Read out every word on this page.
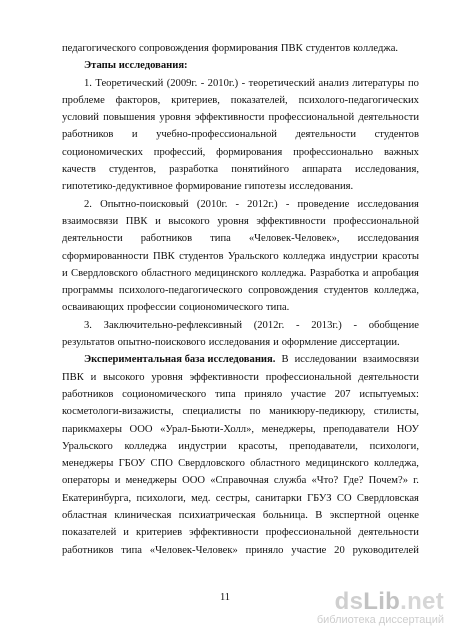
педагогического сопровождения формирования ПВК студентов колледжа.
Этапы исследования:
1. Теоретический (2009г. - 2010г.) - теоретический анализ литературы по
проблеме факторов, критериев, показателей, психолого-педагогических
условий повышения уровня эффективности профессиональной деятельности
работников и учебно-профессиональной деятельности студентов
социономических профессий, формирования профессионально важных
качеств студентов, разработка понятийного аппарата исследования,
гипотетико-дедуктивное формирование гипотезы исследования.
2. Опытно-поисковый (2010г. - 2012г.) - проведение исследования
взаимосвязи ПВК и высокого уровня эффективности профессиональной
деятельности работников типа «Человек-Человек», исследования
сформированности ПВК студентов Уральского колледжа индустрии красоты
и Свердловского областного медицинского колледжа. Разработка и апробация
программы психолого-педагогического сопровождения студентов колледжа,
осваивающих профессии социономического типа.
3. Заключительно-рефлексивный (2012г. - 2013г.) - обобщение
результатов опытно-поискового исследования и оформление диссертации.
Экспериментальная база исследования. В исследовании взаимосвязи
ПВК и высокого уровня эффективности профессиональной деятельности
работников социономического типа приняло участие 207 испытуемых:
косметологи-визажисты, специалисты по маникюру-педикюру, стилисты,
парикмахеры ООО «Урал-Бьюти-Холл», менеджеры, преподаватели НОУ
Уральского колледжа индустрии красоты, преподаватели, психологи,
менеджеры ГБОУ СПО Свердловского областного медицинского колледжа,
операторы и менеджеры ООО «Справочная служба «Что? Где? Почем?» г.
Екатеринбурга, психологи, мед. сестры, санитарки ГБУЗ СО Свердловская
областная клиническая психиатрическая больница. В экспертной оценке
показателей и критериев эффективности профессиональной деятельности
работников типа «Человек-Человек» приняло участие 20 руководителей
11	dsLib.net
библиотека диссертаций
